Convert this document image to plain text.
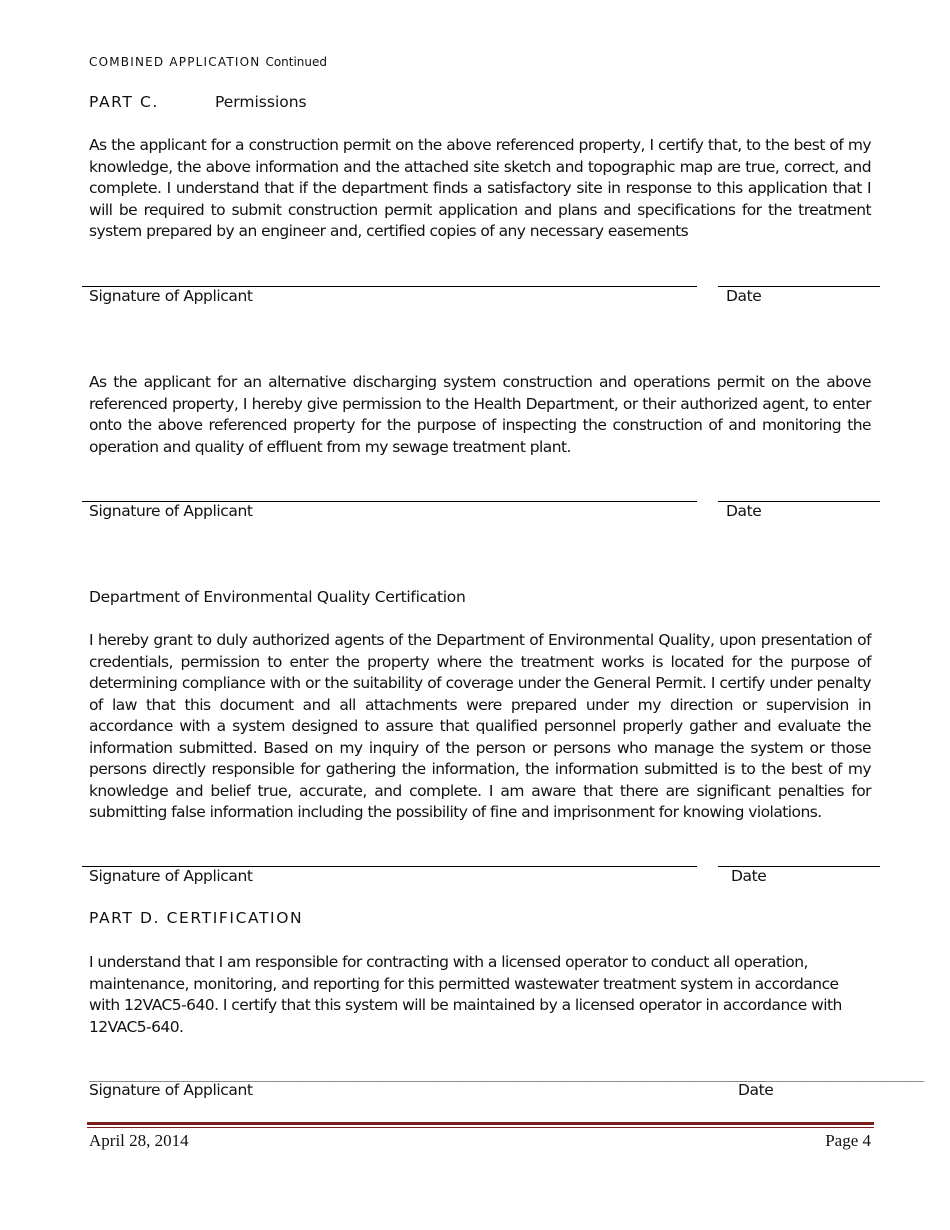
COMBINED APPLICATION Continued
PART C.	Permissions

As the applicant for a construction permit on the above referenced property, I certify that, to the best of my knowledge, the above information and the attached site sketch and topographic map are true, correct, and complete. I understand that if the department finds a satisfactory site in response to this application that I will be required to submit construction permit application and plans and specifications for the treatment system prepared by an engineer and, certified copies of any necessary easements

Signature of Applicant	Date

As the applicant for an alternative discharging system construction and operations permit on the above referenced property, I hereby give permission to the Health Department, or their authorized agent, to enter onto the above referenced property for the purpose of inspecting the construction of and monitoring the operation and quality of effluent from my sewage treatment plant.

Signature of Applicant	Date
Department of Environmental Quality Certification

I hereby grant to duly authorized agents of the Department of Environmental Quality, upon presentation of credentials, permission to enter the property where the treatment works is located for the purpose of determining compliance with or the suitability of coverage under the General Permit. I certify under penalty of law that this document and all attachments were prepared under my direction or supervision in accordance with a system designed to assure that qualified personnel properly gather and evaluate the information submitted. Based on my inquiry of the person or persons who manage the system or those persons directly responsible for gathering the information, the information submitted is to the best of my knowledge and belief true, accurate, and complete. I am aware that there are significant penalties for submitting false information including the possibility of fine and imprisonment for knowing violations.

Signature of Applicant	Date
PART D. CERTIFICATION

I understand that I am responsible for contracting with a licensed operator to conduct all operation, maintenance, monitoring, and reporting for this permitted wastewater treatment system in accordance with 12VAC5-640. I certify that this system will be maintained by a licensed operator in accordance with 12VAC5-640.

______________________________________________________________________________________________________________
________________________________
Signature of Applicant	Date
April 28, 2014	Page 4
